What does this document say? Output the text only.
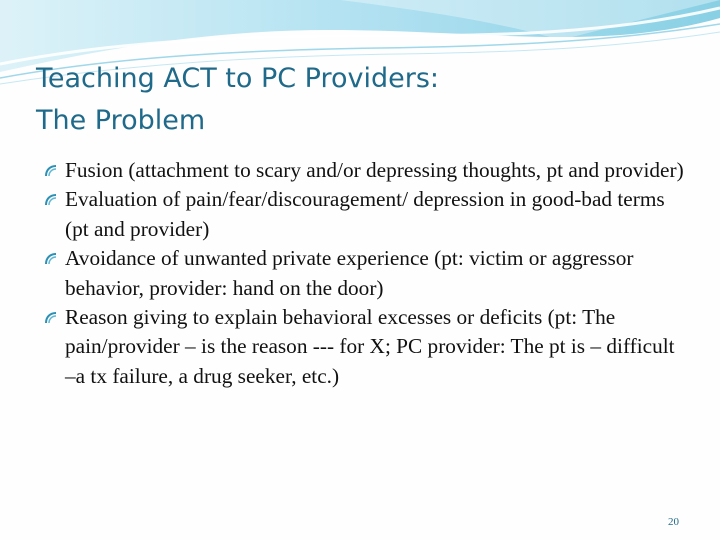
Teaching ACT to PC Providers:
The Problem
Fusion (attachment to scary and/or depressing thoughts, pt and provider)
Evaluation of pain/fear/discouragement/ depression in good-bad terms (pt and provider)
Avoidance of unwanted private experience (pt: victim or aggressor behavior, provider: hand on the door)
Reason giving to explain behavioral excesses or deficits (pt: The pain/provider – is the reason --- for X; PC provider: The pt is – difficult –a tx failure, a drug seeker, etc.)
20
